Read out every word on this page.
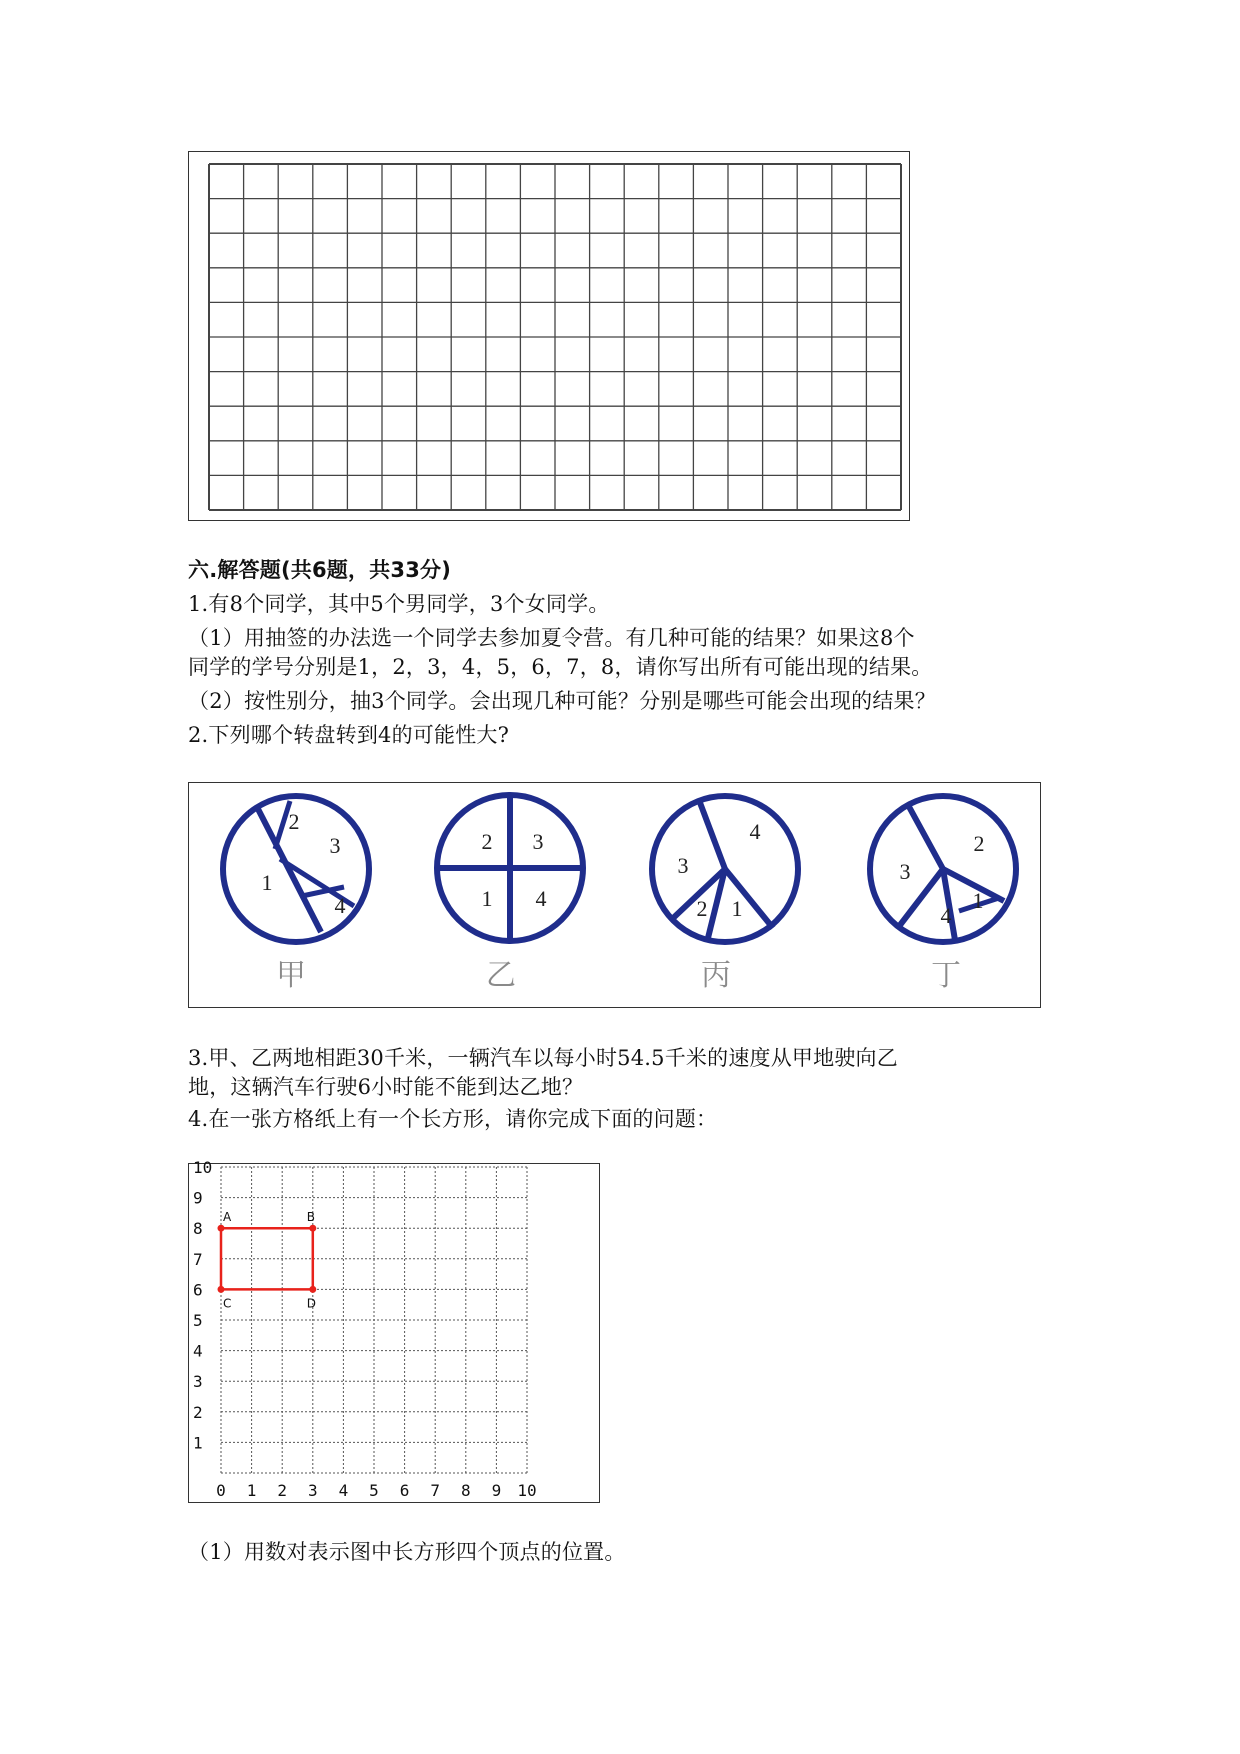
六.解答题(共6题，共33分)
1.有8个同学，其中5个男同学，3个女同学。
（1）用抽签的办法选一个同学去参加夏令营。有几种可能的结果？如果这8个
同学的学号分别是1，2，3，4，5，6，7，8，请你写出所有可能出现的结果。
（2）按性别分，抽3个同学。会出现几种可能？分别是哪些可能会出现的结果？
2.下列哪个转盘转到4的可能性大?
2
3
1
4
甲
2 3
1 4
乙
4
3
2 1
丙
2
3
4
1
丁
3.甲、乙两地相距30千米，一辆汽车以每小时54.5千米的速度从甲地驶向乙
地，这辆汽车行驶6小时能不能到达乙地？
4.在一张方格纸上有一个长方形，请你完成下面的问题：
0 1 2 3 4 5 6 7 8 9 10
1
2
3
4
5
6
7
8
9
10
A	B
C	D
（1）用数对表示图中长方形四个顶点的位置。
